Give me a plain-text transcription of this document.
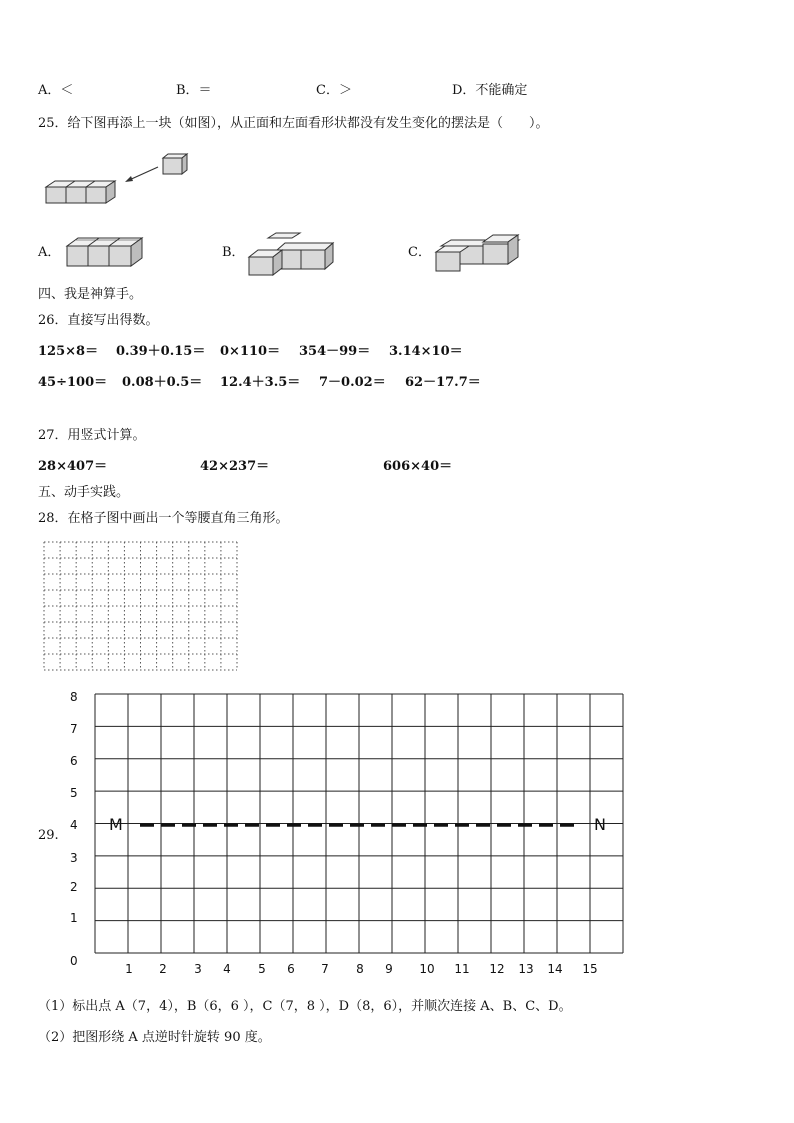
A．＜	B．＝	C．＞	D．不能确定
25．给下图再添上一块（如图），从正面和左面看形状都没有发生变化的摆法是（　　）。
A．	B．	C．
四、我是神算手。
26．直接写出得数。
125×8＝ 0.39＋0.15＝ 0×110＝ 354－99＝ 3.14×10＝
45÷100＝ 0.08＋0.5＝ 12.4＋3.5＝ 7－0.02＝ 62－17.7＝
27．用竖式计算。
28×407＝	42×237＝	606×40＝
五、动手实践。
28．在格子图中画出一个等腰直角三角形。
29.
M	N
8
7
6
5
4
3
2
1
0
1	2	3	4	5	6	7	8	9	10	11	12	13	14	15
（1）标出点 A（7，4），B（6，6 ），C（7，8 ），D（8，6），并顺次连接 A、B、C、D。
（2）把图形绕 A 点逆时针旋转 90 度。
